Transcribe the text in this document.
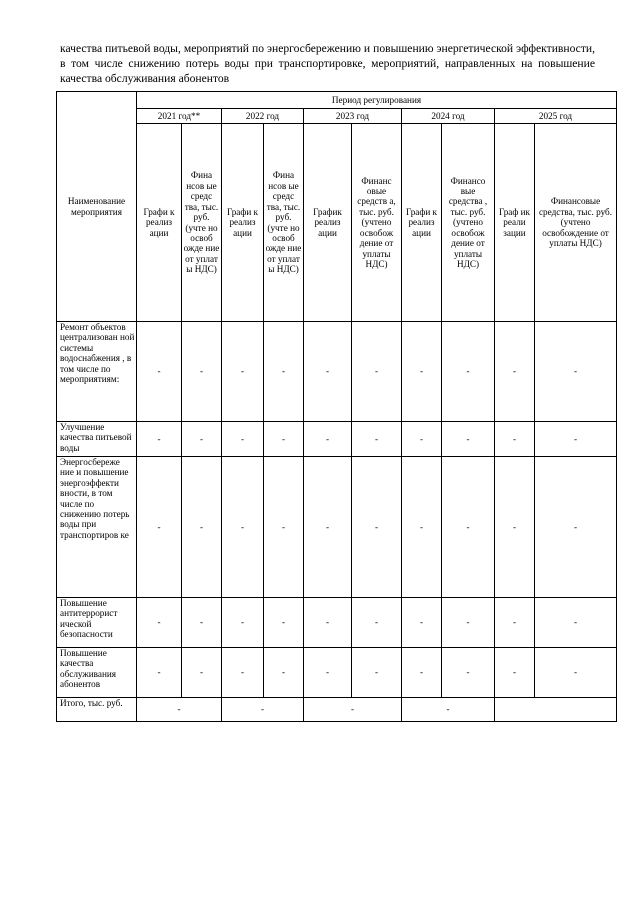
качества питьевой воды, мероприятий по энергосбережению и повышению энергетической эффективности, в том числе снижению потерь воды при транспортировке, мероприятий, направленных на повышение качества обслуживания абонентов

Наименование мероприятия	Период регулирования									
	2021 год**		2022 год		2023 год		2024 год		2025 год	
	Графи к реализ ации	Фина нсов ые средс тва, тыс. руб. (учте но освоб ожде ние от уплат ы НДС)	Графи к реализ ации	Фина нсов ые средс тва, тыс. руб. (учте но освоб ожде ние от уплат ы НДС)	График реализ ации	Финанс овые средств а, тыс. руб. (учтено освобож дение от уплаты НДС)	Графи к реализ ации	Финансо вые средства , тыс. руб. (учтено освобож дение от уплаты НДС)	Граф ик реали зации	Финансовые средства, тыс. руб. (учтено освобождение от уплаты НДС)
Ремонт объектов централизован ной системы водоснабжения , в том числе по мероприятиям:	-	-	-	-	-	-	-	-	-	-
Улучшение качества питьевой воды	-	-	-	-	-	-	-	-	-	-
Энергосбереже ние и повышение энергоэффекти вности, в том числе по снижению потерь воды при транспортиров ке	-	-	-	-	-	-	-	-	-	-
Повышение антитеррорист ической безопасности	-	-	-	-	-	-	-	-	-	-
Повышение качества обслуживания абонентов	-	-	-	-	-	-	-	-	-	-
Итого, тыс. руб.	-		-		-		-			
